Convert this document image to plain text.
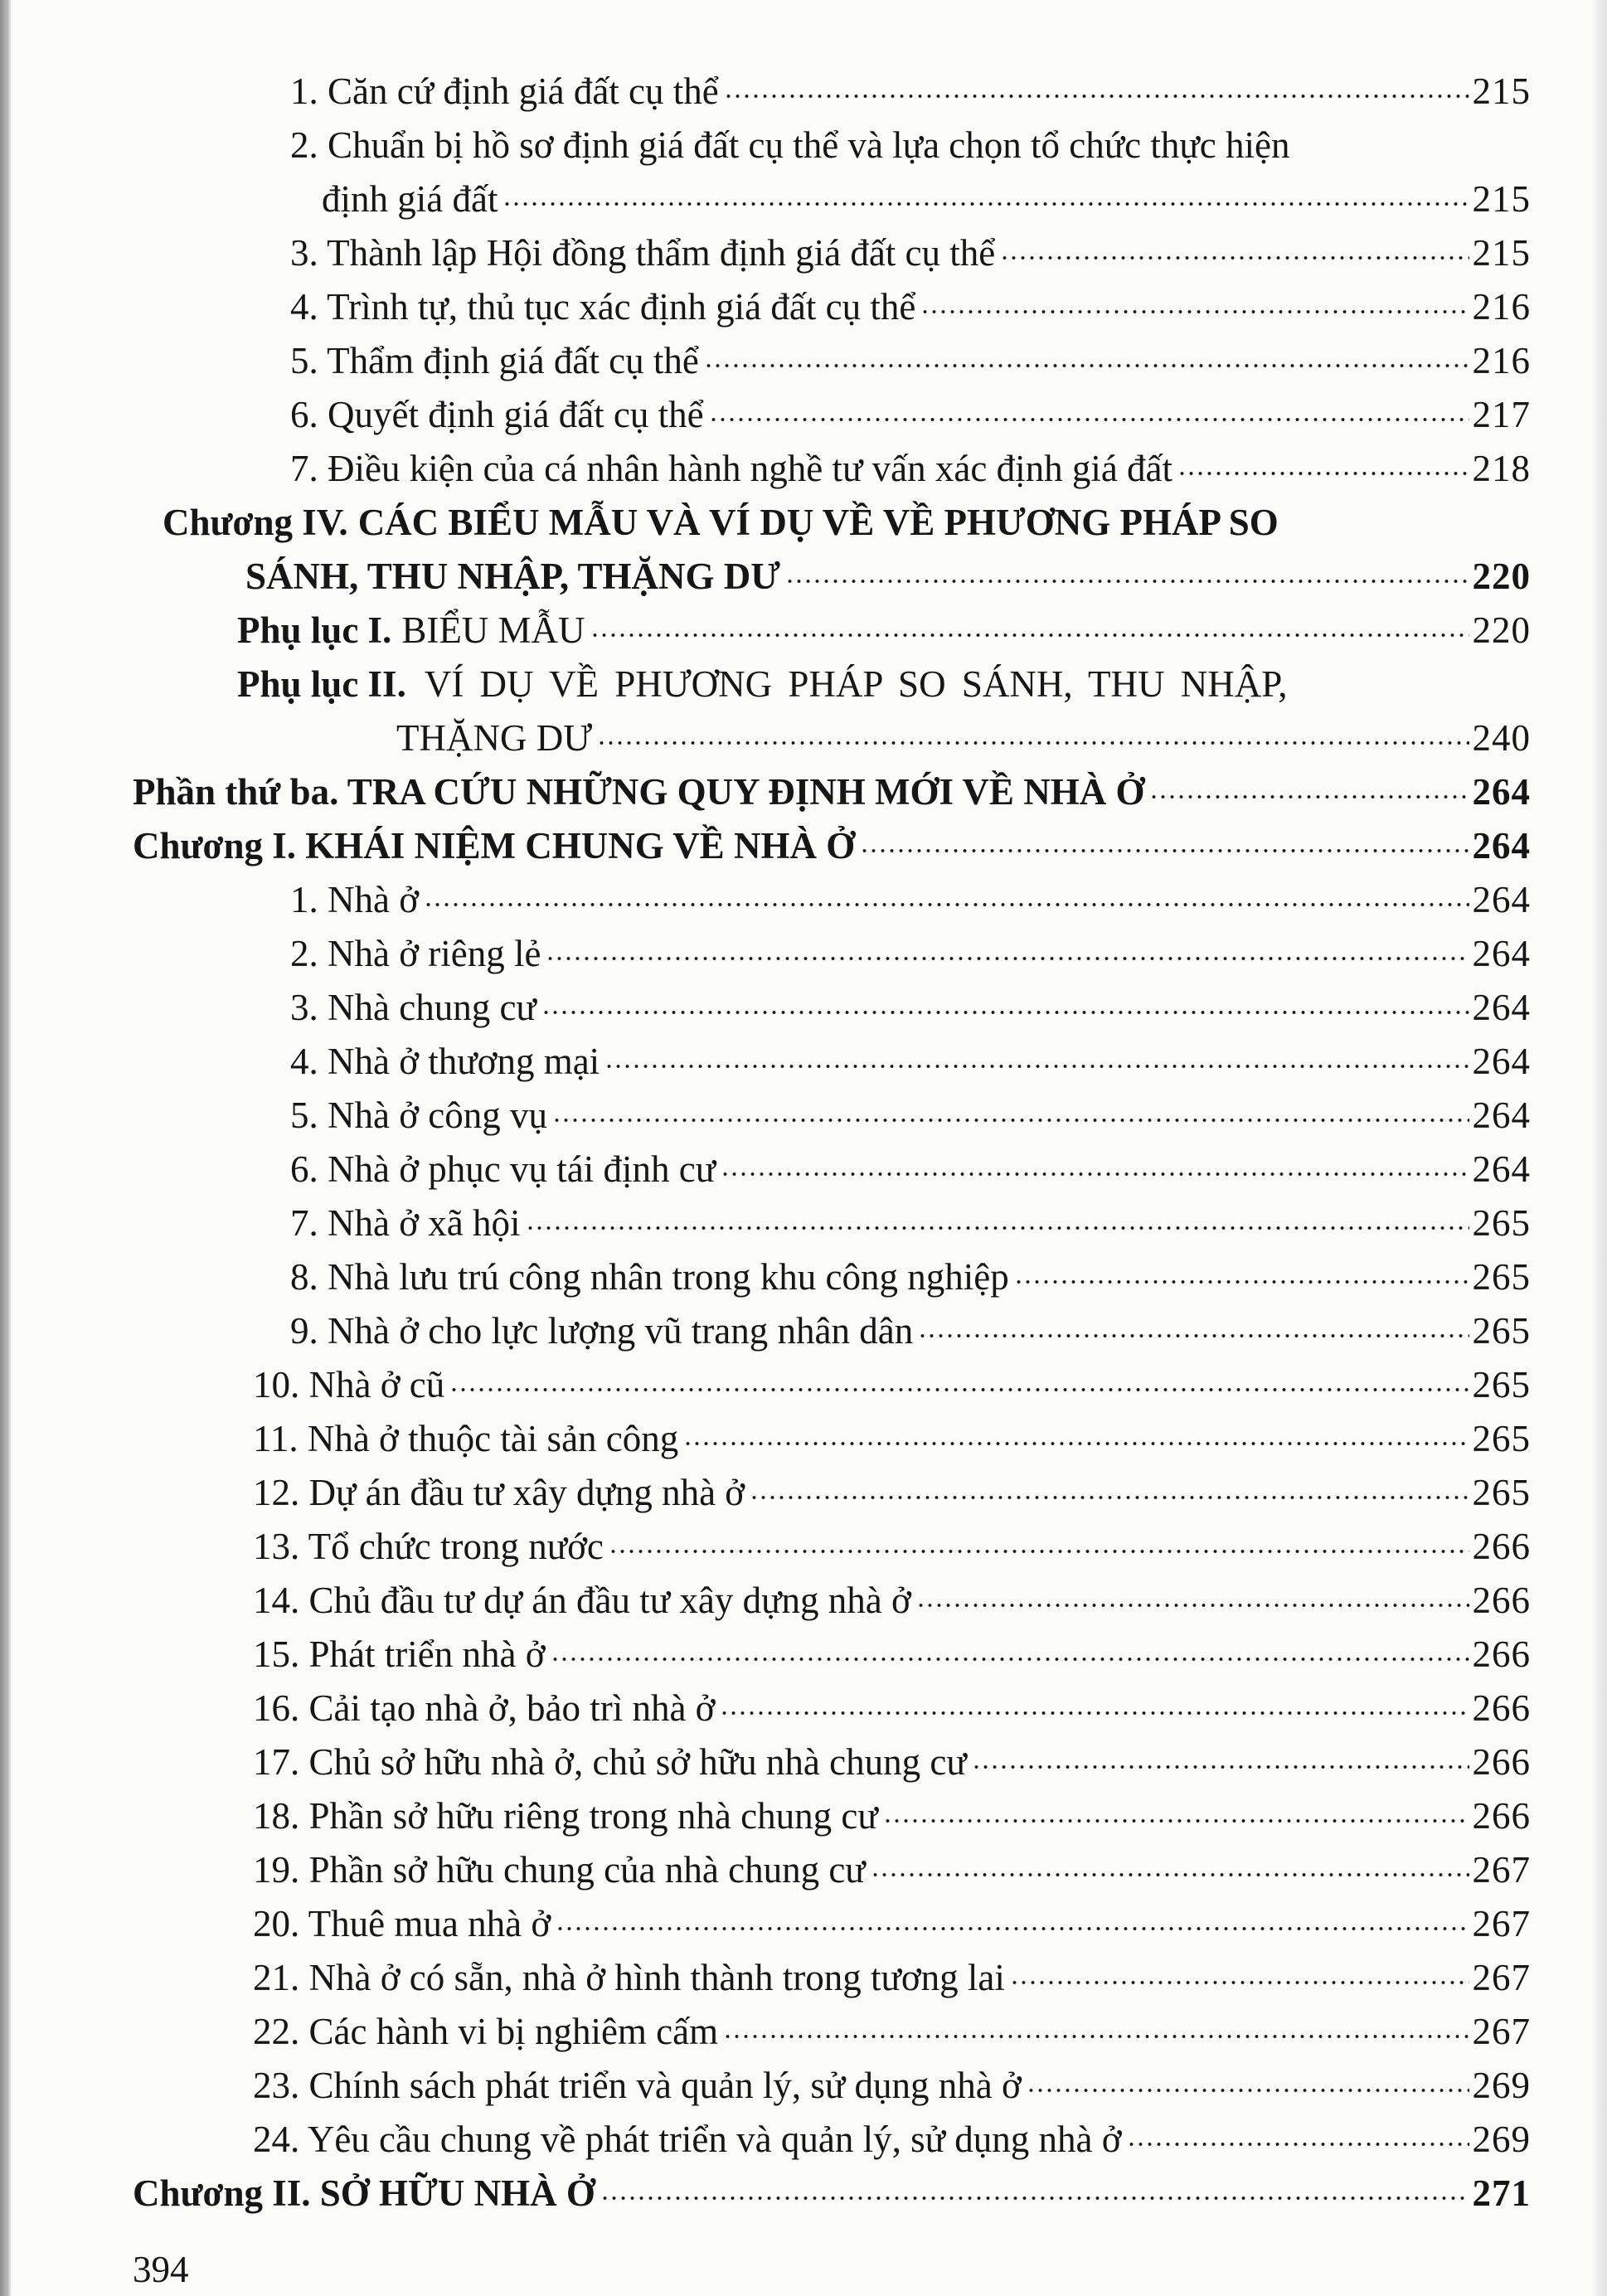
1. Căn cứ định giá đất cụ thể	215
2. Chuẩn bị hồ sơ định giá đất cụ thể và lựa chọn tổ chức thực hiện
định giá đất	215
3. Thành lập Hội đồng thẩm định giá đất cụ thể	215
4. Trình tự, thủ tục xác định giá đất cụ thể	216
5. Thẩm định giá đất cụ thể	216
6. Quyết định giá đất cụ thể	217
7. Điều kiện của cá nhân hành nghề tư vấn xác định giá đất	218
Chương IV. CÁC BIỂU MẪU VÀ VÍ DỤ VỀ VỀ PHƯƠNG PHÁP SO
SÁNH, THU NHẬP, THẶNG DƯ	220
Phụ lục I. BIỂU MẪU	220
Phụ lục II. VÍ DỤ VỀ PHƯƠNG PHÁP SO SÁNH, THU NHẬP,
THẶNG DƯ	240
Phần thứ ba. TRA CỨU NHỮNG QUY ĐỊNH MỚI VỀ NHÀ Ở	264
Chương I. KHÁI NIỆM CHUNG VỀ NHÀ Ở	264
1. Nhà ở	264
2. Nhà ở riêng lẻ	264
3. Nhà chung cư	264
4. Nhà ở thương mại	264
5. Nhà ở công vụ	264
6. Nhà ở phục vụ tái định cư	264
7. Nhà ở xã hội	265
8. Nhà lưu trú công nhân trong khu công nghiệp	265
9. Nhà ở cho lực lượng vũ trang nhân dân	265
10. Nhà ở cũ	265
11. Nhà ở thuộc tài sản công	265
12. Dự án đầu tư xây dựng nhà ở	265
13. Tổ chức trong nước	266
14. Chủ đầu tư dự án đầu tư xây dựng nhà ở	266
15. Phát triển nhà ở	266
16. Cải tạo nhà ở, bảo trì nhà ở	266
17. Chủ sở hữu nhà ở, chủ sở hữu nhà chung cư	266
18. Phần sở hữu riêng trong nhà chung cư	266
19. Phần sở hữu chung của nhà chung cư	267
20. Thuê mua nhà ở	267
21. Nhà ở có sẵn, nhà ở hình thành trong tương lai	267
22. Các hành vi bị nghiêm cấm	267
23. Chính sách phát triển và quản lý, sử dụng nhà ở	269
24. Yêu cầu chung về phát triển và quản lý, sử dụng nhà ở	269
Chương II. SỞ HỮU NHÀ Ở	271
394
